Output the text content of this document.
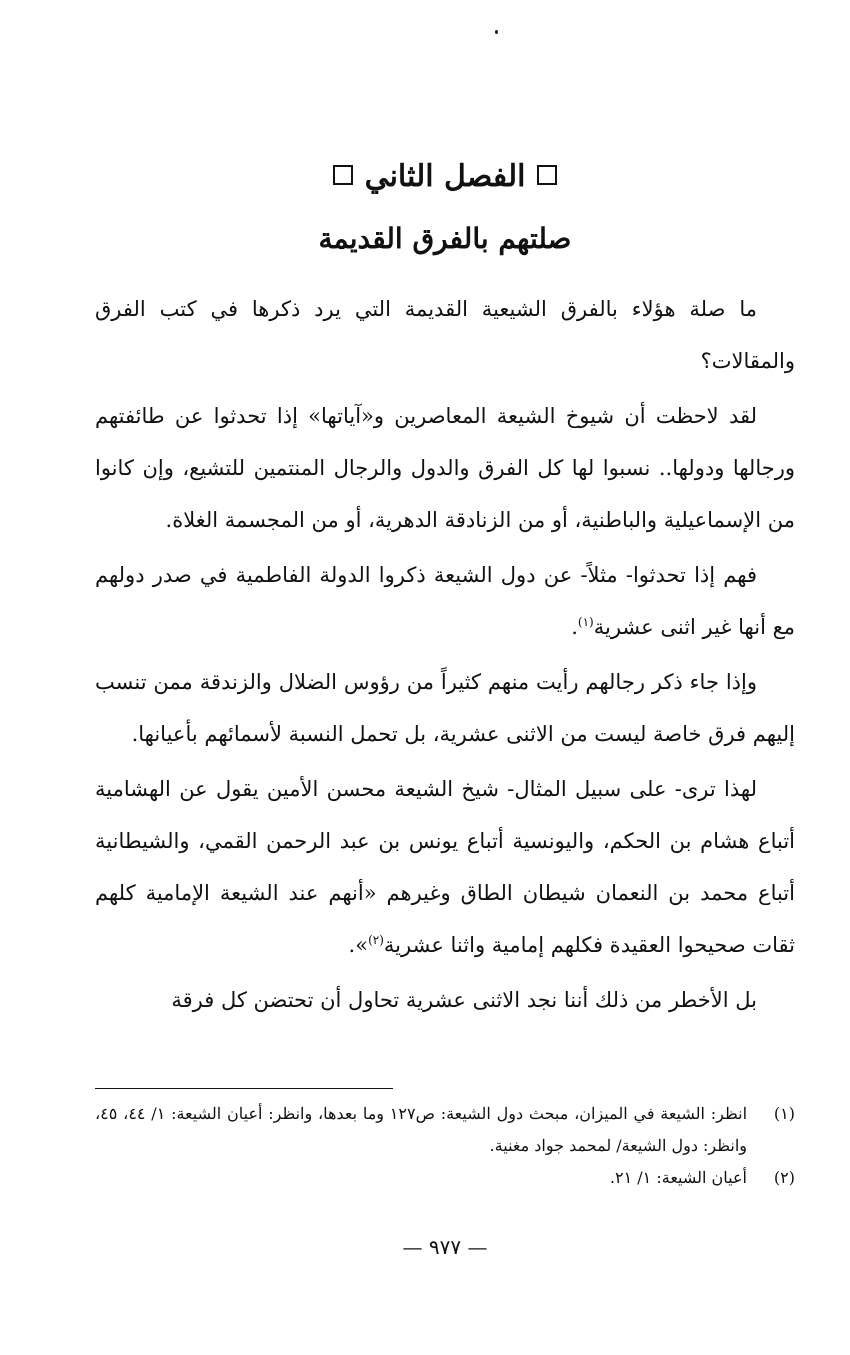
الفصل الثاني
صلتهم بالفرق القديمة

ما صلة هؤلاء بالفرق الشيعية القديمة التي يرد ذكرها في كتب الفرق والمقالات؟

لقد لاحظت أن شيوخ الشيعة المعاصرين و«آياتها» إذا تحدثوا عن طائفتهم ورجالها ودولها.. نسبوا لها كل الفرق والدول والرجال المنتمين للتشيع، وإن كانوا من الإسماعيلية والباطنية، أو من الزنادقة الدهرية، أو من المجسمة الغلاة.

فهم إذا تحدثوا- مثلاً- عن دول الشيعة ذكروا الدولة الفاطمية في صدر دولهم مع أنها غير اثنى عشرية$^{(١)}$.

وإذا جاء ذكر رجالهم رأيت منهم كثيراً من رؤوس الضلال والزندقة ممن تنسب إليهم فرق خاصة ليست من الاثنى عشرية، بل تحمل النسبة لأسمائهم بأعيانها.

لهذا ترى- على سبيل المثال- شيخ الشيعة محسن الأمين يقول عن الهشامية أتباع هشام بن الحكم، واليونسية أتباع يونس بن عبد الرحمن القمي، والشيطانية أتباع محمد بن النعمان شيطان الطاق وغيرهم «أنهم عند الشيعة الإمامية كلهم ثقات صحيحوا العقيدة فكلهم إمامية واثنا عشرية$^{(٢)}$».

بل الأخطر من ذلك أننا نجد الاثنى عشرية تحاول أن تحتضن كل فرقة

(١)
انظر: الشيعة في الميزان، مبحث دول الشيعة: ص١٢٧ وما بعدها، وانظر: أعيان الشيعة: ١/ ٤٤، ٤٥، وانظر: دول الشيعة/ لمحمد جواد مغنية.
(٢)
أعيان الشيعة: ١/ ٢١.
— ٩٧٧ —
